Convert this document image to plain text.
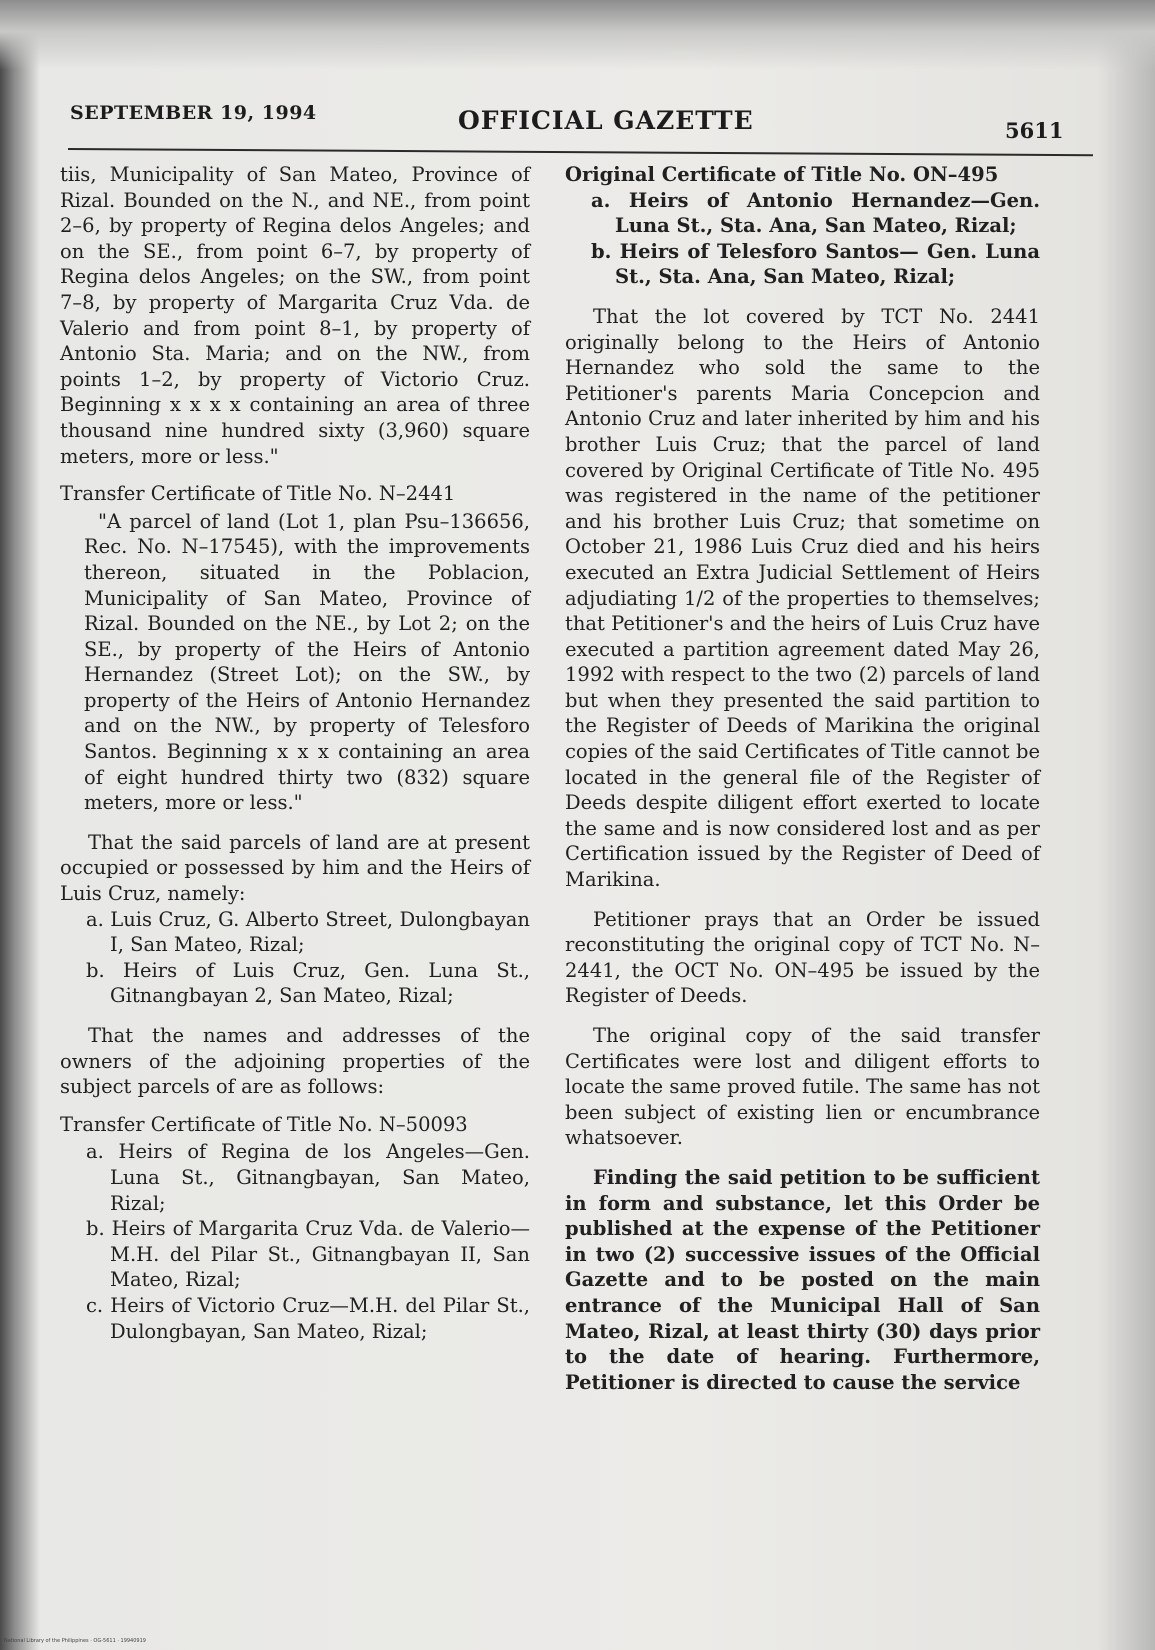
SEPTEMBER 19, 1994	OFFICIAL GAZETTE	5611

tiis, Municipality of San Mateo, Province of Rizal. Bounded on the N., and NE., from point 2–6, by property of Regina delos Angeles; and on the SE., from point 6–7, by property of Regina delos Angeles; on the SW., from point 7–8, by property of Margarita Cruz Vda. de Valerio and from point 8–1, by property of Antonio Sta. Maria; and on the NW., from points 1–2, by property of Victorio Cruz. Beginning x x x x containing an area of three thousand nine hundred sixty (3,960) square meters, more or less."

Transfer Certificate of Title No. N–2441

"A parcel of land (Lot 1, plan Psu–136656, Rec. No. N–17545), with the improvements thereon, situated in the Poblacion, Municipality of San Mateo, Province of Rizal. Bounded on the NE., by Lot 2; on the SE., by property of the Heirs of Antonio Hernandez (Street Lot); on the SW., by property of the Heirs of Antonio Hernandez and on the NW., by property of Telesforo Santos. Beginning x x x containing an area of eight hundred thirty two (832) square meters, more or less."

That the said parcels of land are at present occupied or possessed by him and the Heirs of Luis Cruz, namely:

a. Luis Cruz, G. Alberto Street, Dulongbayan I, San Mateo, Rizal;
b. Heirs of Luis Cruz, Gen. Luna St., Gitnangbayan 2, San Mateo, Rizal;

That the names and addresses of the owners of the adjoining properties of the subject parcels of are as follows:

Transfer Certificate of Title No. N–50093

a. Heirs of Regina de los Angeles—Gen. Luna St., Gitnangbayan, San Mateo, Rizal;
b. Heirs of Margarita Cruz Vda. de Valerio—M.H. del Pilar St., Gitnangbayan II, San Mateo, Rizal;
c. Heirs of Victorio Cruz—M.H. del Pilar St., Dulongbayan, San Mateo, Rizal;

Original Certificate of Title No. ON–495

a. Heirs of Antonio Hernandez—Gen. Luna St., Sta. Ana, San Mateo, Rizal;
b. Heirs of Telesforo Santos— Gen. Luna St., Sta. Ana, San Mateo, Rizal;

That the lot covered by TCT No. 2441 originally belong to the Heirs of Antonio Hernandez who sold the same to the Petitioner's parents Maria Concepcion and Antonio Cruz and later inherited by him and his brother Luis Cruz; that the parcel of land covered by Original Certificate of Title No. 495 was registered in the name of the petitioner and his brother Luis Cruz; that sometime on October 21, 1986 Luis Cruz died and his heirs executed an Extra Judicial Settlement of Heirs adjudiating 1/2 of the properties to themselves; that Petitioner's and the heirs of Luis Cruz have executed a partition agreement dated May 26, 1992 with respect to the two (2) parcels of land but when they presented the said partition to the Register of Deeds of Marikina the original copies of the said Certificates of Title cannot be located in the general file of the Register of Deeds despite diligent effort exerted to locate the same and is now considered lost and as per Certification issued by the Register of Deed of Marikina.

Petitioner prays that an Order be issued reconstituting the original copy of TCT No. N–2441, the OCT No. ON–495 be issued by the Register of Deeds.

The original copy of the said transfer Certificates were lost and diligent efforts to locate the same proved futile. The same has not been subject of existing lien or encumbrance whatsoever.

Finding the said petition to be sufficient in form and substance, let this Order be published at the expense of the Petitioner in two (2) successive issues of the Official Gazette and to be posted on the main entrance of the Municipal Hall of San Mateo, Rizal, at least thirty (30) days prior to the date of hearing. Furthermore, Petitioner is directed to cause the service

National Library of the Philippines · OG-5611 · 19940919
